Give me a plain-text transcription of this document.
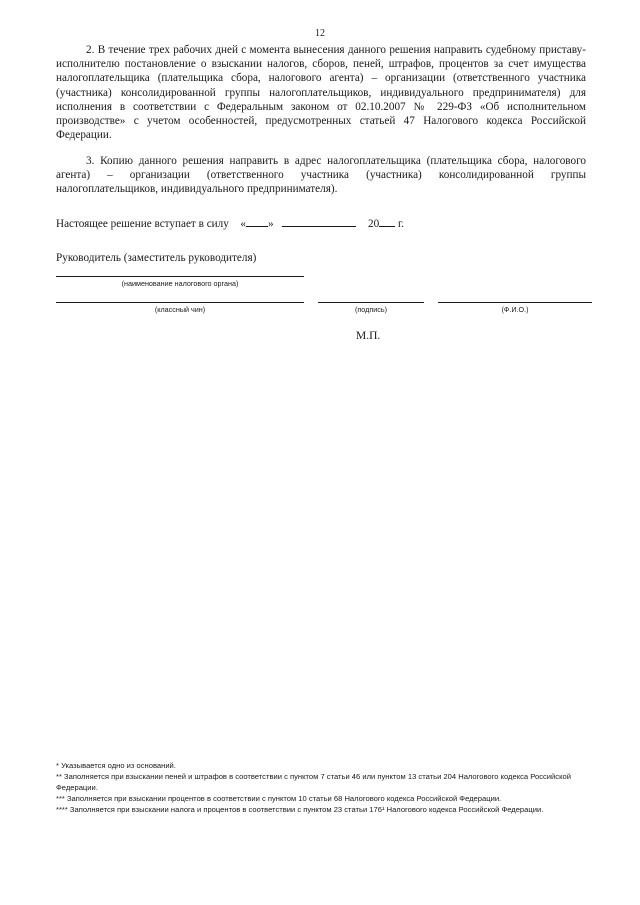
12
2. В течение трех рабочих дней с момента вынесения данного решения направить судебному приставу-исполнителю постановление о взыскании налогов, сборов, пеней, штрафов, процентов за счет имущества налогоплательщика (плательщика сбора, налогового агента) – организации (ответственного участника (участника) консолидированной группы налогоплательщиков, индивидуального предпринимателя) для исполнения в соответствии с Федеральным законом от 02.10.2007 № 229-ФЗ «Об исполнительном производстве» с учетом особенностей, предусмотренных статьей 47 Налогового кодекса Российской Федерации.
3. Копию данного решения направить в адрес налогоплательщика (плательщика сбора, налогового агента) – организации (ответственного участника (участника) консолидированной группы налогоплательщиков, индивидуального предпринимателя).
Настоящее решение вступает в силу « »	20 г.
Руководитель (заместитель руководителя)
(наименование налогового органа)
(классный чин)	(подпись)	(Ф.И.О.)
М.П.
* Указывается одно из оснований.
** Заполняется при взыскании пеней и штрафов в соответствии с пунктом 7 статьи 46 или пунктом 13 статьи 204 Налогового кодекса Российской Федерации.
*** Заполняется при взыскании процентов в соответствии с пунктом 10 статьи 68 Налогового кодекса Российской Федерации.
**** Заполняется при взыскании налога и процентов в соответствии с пунктом 23 статьи 176¹ Налогового кодекса Российской Федерации.
